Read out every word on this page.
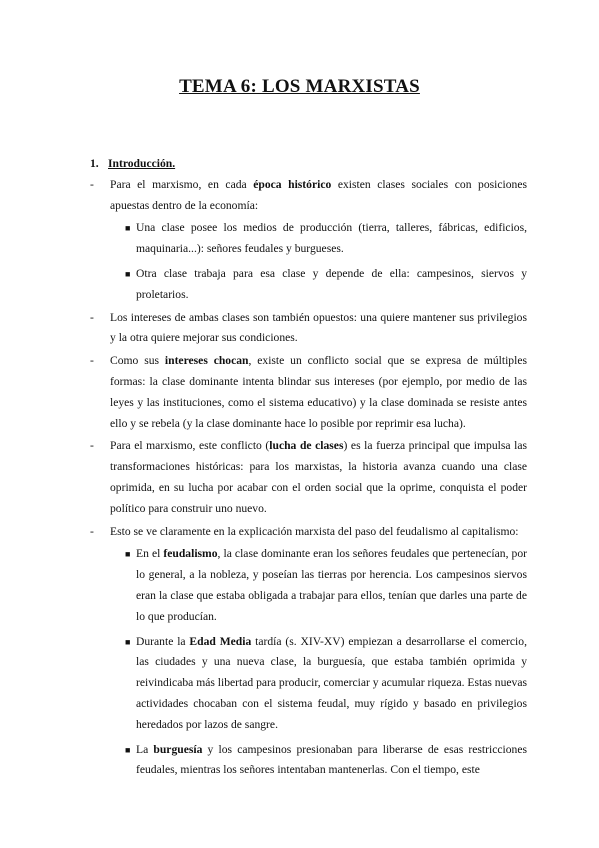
TEMA 6: LOS MARXISTAS
1. Introducción.
- Para el marxismo, en cada época histórico existen clases sociales con posiciones apuestas dentro de la economía:
■ Una clase posee los medios de producción (tierra, talleres, fábricas, edificios, maquinaria...): señores feudales y burgueses.
■ Otra clase trabaja para esa clase y depende de ella: campesinos, siervos y proletarios.
- Los intereses de ambas clases son también opuestos: una quiere mantener sus privilegios y la otra quiere mejorar sus condiciones.
- Como sus intereses chocan, existe un conflicto social que se expresa de múltiples formas: la clase dominante intenta blindar sus intereses (por ejemplo, por medio de las leyes y las instituciones, como el sistema educativo) y la clase dominada se resiste antes ello y se rebela (y la clase dominante hace lo posible por reprimir esa lucha).
- Para el marxismo, este conflicto (lucha de clases) es la fuerza principal que impulsa las transformaciones históricas: para los marxistas, la historia avanza cuando una clase oprimida, en su lucha por acabar con el orden social que la oprime, conquista el poder político para construir uno nuevo.
- Esto se ve claramente en la explicación marxista del paso del feudalismo al capitalismo:
■ En el feudalismo, la clase dominante eran los señores feudales que pertenecían, por lo general, a la nobleza, y poseían las tierras por herencia. Los campesinos siervos eran la clase que estaba obligada a trabajar para ellos, tenían que darles una parte de lo que producían.
■ Durante la Edad Media tardía (s. XIV-XV) empiezan a desarrollarse el comercio, las ciudades y una nueva clase, la burguesía, que estaba también oprimida y reivindicaba más libertad para producir, comerciar y acumular riqueza. Estas nuevas actividades chocaban con el sistema feudal, muy rígido y basado en privilegios heredados por lazos de sangre.
■ La burguesía y los campesinos presionaban para liberarse de esas restricciones feudales, mientras los señores intentaban mantenerlas. Con el tiempo, este
